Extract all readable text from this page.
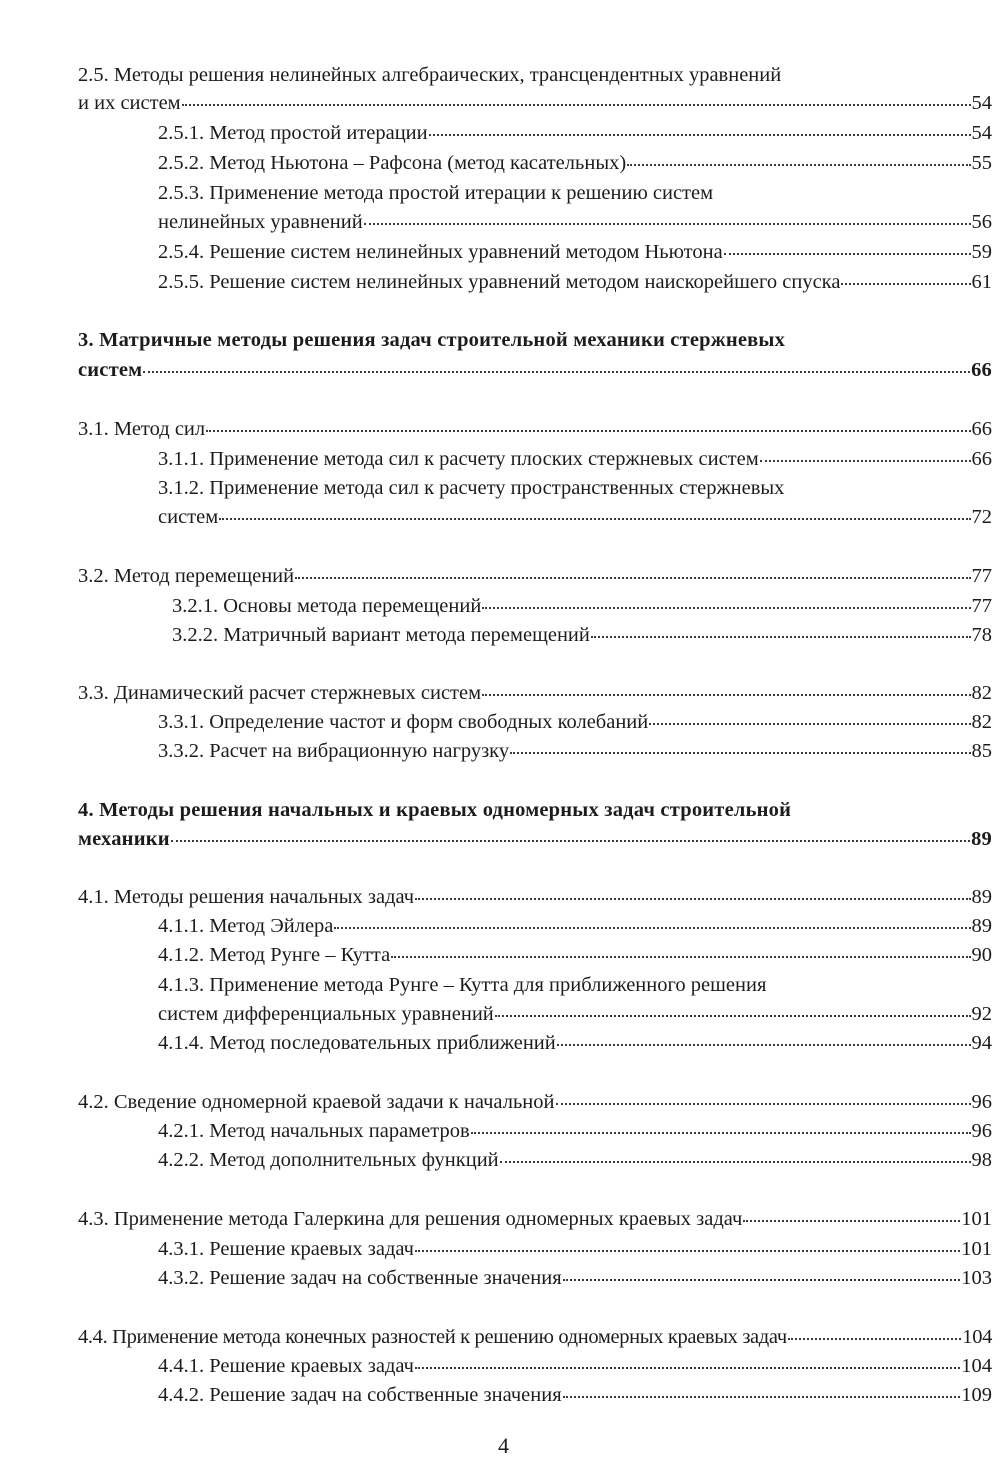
2.5. Методы решения нелинейных алгебраических, трансцендентных уравнений
и их систем	54
2.5.1. Метод простой итерации	54
2.5.2. Метод Ньютона – Рафсона (метод касательных)	55
2.5.3. Применение метода простой итерации к решению систем
нелинейных уравнений	56
2.5.4. Решение систем нелинейных уравнений методом Ньютона	59
2.5.5. Решение систем нелинейных уравнений методом наискорейшего спуска	61
3. Матричные методы решения задач строительной механики стержневых
систем	66
3.1. Метод сил	66
3.1.1. Применение метода сил к расчету плоских стержневых систем	66
3.1.2. Применение метода сил к расчету пространственных стержневых
систем	72
3.2. Метод перемещений	77
3.2.1. Основы метода перемещений	77
3.2.2. Матричный вариант метода перемещений	78
3.3. Динамический расчет стержневых систем	82
3.3.1. Определение частот и форм свободных колебаний	82
3.3.2. Расчет на вибрационную нагрузку	85
4. Методы решения начальных и краевых одномерных задач строительной
механики	89
4.1. Методы решения начальных задач	89
4.1.1. Метод Эйлера	89
4.1.2. Метод Рунге – Кутта	90
4.1.3. Применение метода Рунге – Кутта для приближенного решения
систем дифференциальных уравнений	92
4.1.4. Метод последовательных приближений	94
4.2. Сведение одномерной краевой задачи к начальной	96
4.2.1. Метод начальных параметров	96
4.2.2. Метод дополнительных функций	98
4.3. Применение метода Галеркина для решения одномерных краевых задач	101
4.3.1. Решение краевых задач	101
4.3.2. Решение задач на собственные значения	103
4.4. Применение метода конечных разностей к решению одномерных краевых задач	104
4.4.1. Решение краевых задач	104
4.4.2. Решение задач на собственные значения	109
4
